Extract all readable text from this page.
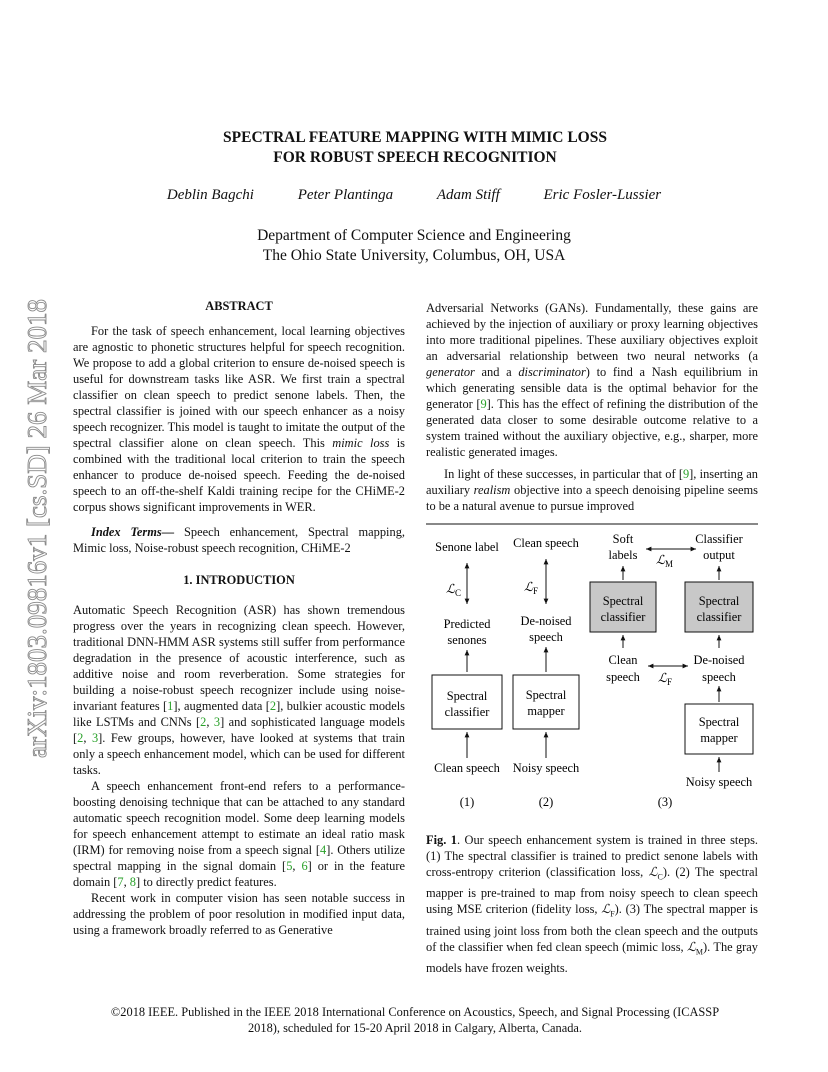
arXiv:1803.09816v1 [cs.SD] 26 Mar 2018
SPECTRAL FEATURE MAPPING WITH MIMIC LOSS
FOR ROBUST SPEECH RECOGNITION
Deblin Bagchi	Peter Plantinga	Adam Stiff	Eric Fosler-Lussier
Department of Computer Science and Engineering
The Ohio State University, Columbus, OH, USA
ABSTRACT

For the task of speech enhancement, local learning objectives are agnostic to phonetic structures helpful for speech recognition. We propose to add a global criterion to ensure de-noised speech is useful for downstream tasks like ASR. We first train a spectral classifier on clean speech to predict senone labels. Then, the spectral classifier is joined with our speech enhancer as a noisy speech recognizer. This model is taught to imitate the output of the spectral classifier alone on clean speech. This mimic loss is combined with the traditional local criterion to train the speech enhancer to produce de-noised speech. Feeding the de-noised speech to an off-the-shelf Kaldi training recipe for the CHiME-2 corpus shows significant improvements in WER.

Index Terms— Speech enhancement, Spectral mapping, Mimic loss, Noise-robust speech recognition, CHiME-2

1. INTRODUCTION

Automatic Speech Recognition (ASR) has shown tremendous progress over the years in recognizing clean speech. However, traditional DNN-HMM ASR systems still suffer from performance degradation in the presence of acoustic interference, such as additive noise and room reverberation. Some strategies for building a noise-robust speech recognizer include using noise-invariant features [1], augmented data [2], bulkier acoustic models like LSTMs and CNNs [2, 3] and sophisticated language models [2, 3]. Few groups, however, have looked at systems that train only a speech enhancement model, which can be used for different tasks.

A speech enhancement front-end refers to a performance-boosting denoising technique that can be attached to any standard automatic speech recognition model. Some deep learning models for speech enhancement attempt to estimate an ideal ratio mask (IRM) for removing noise from a speech signal [4]. Others utilize spectral mapping in the signal domain [5, 6] or in the feature domain [7, 8] to directly predict features.

Recent work in computer vision has seen notable success in addressing the problem of poor resolution in modified input data, using a framework broadly referred to as Generative

Adversarial Networks (GANs). Fundamentally, these gains are achieved by the injection of auxiliary or proxy learning objectives into more traditional pipelines. These auxiliary objectives exploit an adversarial relationship between two neural networks (a generator and a discriminator) to find a Nash equilibrium in which generating sensible data is the optimal behavior for the generator [9]. This has the effect of refining the distribution of the generated data closer to some desirable outcome relative to a system trained without the auxiliary objective, e.g., sharper, more realistic generated images.

In light of these successes, in particular that of [9], inserting an auxiliary realism objective into a speech denoising pipeline seems to be a natural avenue to pursue improved

Senone label
ℒ$_C$
Predicted
senones
Spectral
classifier
Clean speech
(1)
Clean speech
ℒ$_F$
De-noised
speech
Spectral
mapper
Noisy speech
(2)
Soft
labels ℒ$_M$
Classifier
output
Spectral
classifier
Spectral
classifier
Clean
speech ℒ$_F$
De-noised
speech
Spectral
mapper
Noisy speech
(3)

Fig. 1. Our speech enhancement system is trained in three steps. (1) The spectral classifier is trained to predict senone labels with cross-entropy criterion (classification loss, ℒ$_C$). (2) The spectral mapper is pre-trained to map from noisy speech to clean speech using MSE criterion (fidelity loss, ℒ$_F$). (3) The spectral mapper is trained using joint loss from both the clean speech and the outputs of the classifier when fed clean speech (mimic loss, ℒ$_M$). The gray models have frozen weights.

©2018 IEEE. Published in the IEEE 2018 International Conference on Acoustics, Speech, and Signal Processing (ICASSP
2018), scheduled for 15-20 April 2018 in Calgary, Alberta, Canada.
